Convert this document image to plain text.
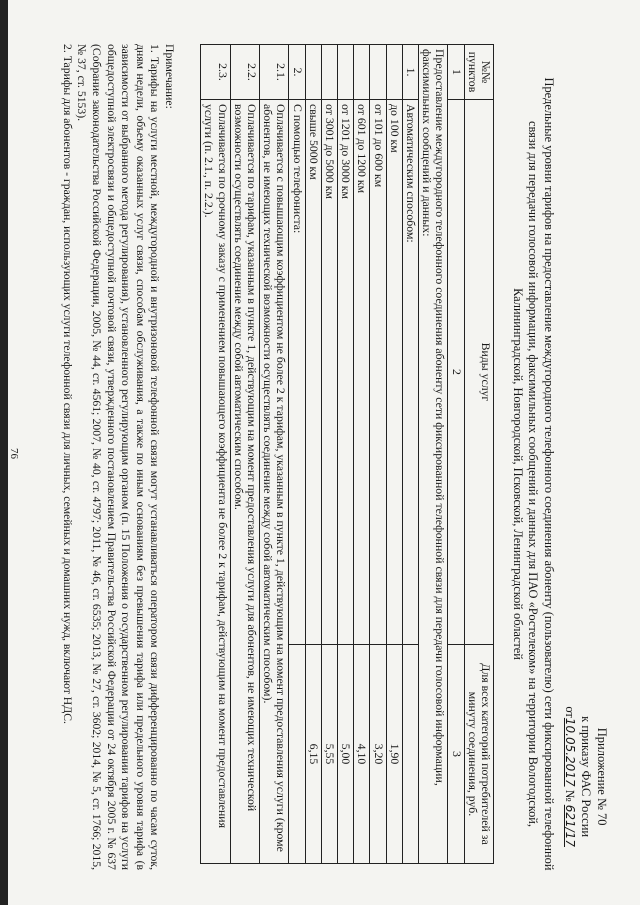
Приложение № 70
к приказу ФАС России
от10.05.2017 № 621/17
Предельные уровни тарифов на предоставление междугородного телефонного соединения абоненту (пользователю) сети фиксированной телефонной связи для передачи голосовой информации, факсимильных сообщений и данных для ПАО «Ростелеком» на территории Вологодской, Калининградской, Новгородской, Псковской, Ленинградской областей
№№ пунктов	Виды услуг	Для всех категорий потребителей за минуту соединения, руб.
1	2	3
Предоставление междугородного телефонного соединения абоненту сети фиксированной телефонной связи для передачи голосовой информации, факсимильных сообщений и данных:		
1.	Автоматическим способом:	
	до 100 км	1,90
	от 101 до 600 км	3,20
	от 601 до 1200 км	4,10
	от 1201 до 3000 км	5,00
	от 3001 до 5000 км	5,55
	свыше 5000 км	6,15
2.	С помощью телефониста:	
2.1.	Оплачивается с повышающим коэффициентом не более 2 к тарифам, указанным в пункте 1, действующим на момент предоставления услуги (кроме абонентов, не имеющих технической возможности осуществлять соединение между собой автоматическим способом).	
2.2.	Оплачивается по тарифам, указанным в пункте 1, действующим на момент предоставления услуги для абонентов, не имеющих технической возможности осуществлять соединение между собой автоматическим способом.	
2.3.	Оплачивается по срочному заказу с применением повышающего коэффициента не более 2 к тарифам, действующим на момент предоставления услуги (п. 2.1., п. 2.2.).	

Примечание:

1. Тарифы на услуги местной, междугородной и внутризоновой телефонной связи могут устанавливаться оператором связи дифференцированно по часам суток, дням недели, объему оказанных услуг связи, способам обслуживания, а также по иным основаниям без превышения тарифа или предельного уровня тарифа (в зависимости от выбранного метода регулирования), установленного регулирующим органом (п. 15 Положения о государственном регулировании тарифов на услуги общедоступной электросвязи и общедоступной почтовой связи, утвержденного постановлением Правительства Российской Федерации от 24 октября 2005 г. № 637 (Собрание законодательства Российской Федерации, 2005, № 44, ст. 4561; 2007, № 40, ст. 4797; 2011, № 46, ст. 6535; 2013, № 27, ст. 3602; 2014, № 5, ст. 1766; 2015, № 37, ст. 5153).

2. Тарифы для абонентов - граждан, использующих услуги телефонной связи для личных, семейных и домашних нужд, включают НДС.

76
